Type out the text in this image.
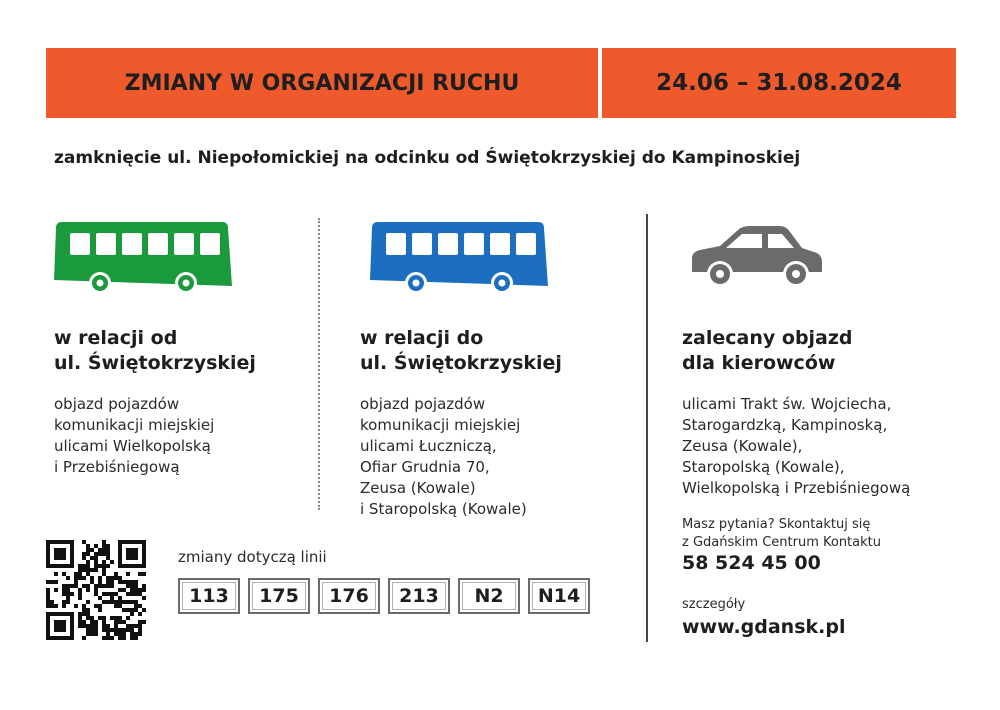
ZMIANY W ORGANIZACJI RUCHU	24.06 – 31.08.2024
zamknięcie ul. Niepołomickiej na odcinku od Świętokrzyskiej do Kampinoskiej
w relacji od
ul. Świętokrzyskiej
objazd pojazdów
komunikacji miejskiej
ulicami Wielkopolską
i Przebiśniegową
w relacji do
ul. Świętokrzyskiej
objazd pojazdów
komunikacji miejskiej
ulicami Łuczniczą,
Ofiar Grudnia 70,
Zeusa (Kowale)
i Staropolską (Kowale)
zalecany objazd
dla kierowców
ulicami Trakt św. Wojciecha,
Starogardzką, Kampinoską,
Zeusa (Kowale),
Staropolską (Kowale),
Wielkopolską i Przebiśniegową
zmiany dotyczą linii
113	175	176	213	N2	N14
Masz pytania? Skontaktuj się
z Gdańskim Centrum Kontaktu
58 524 45 00
szczegóły
www.gdansk.pl
